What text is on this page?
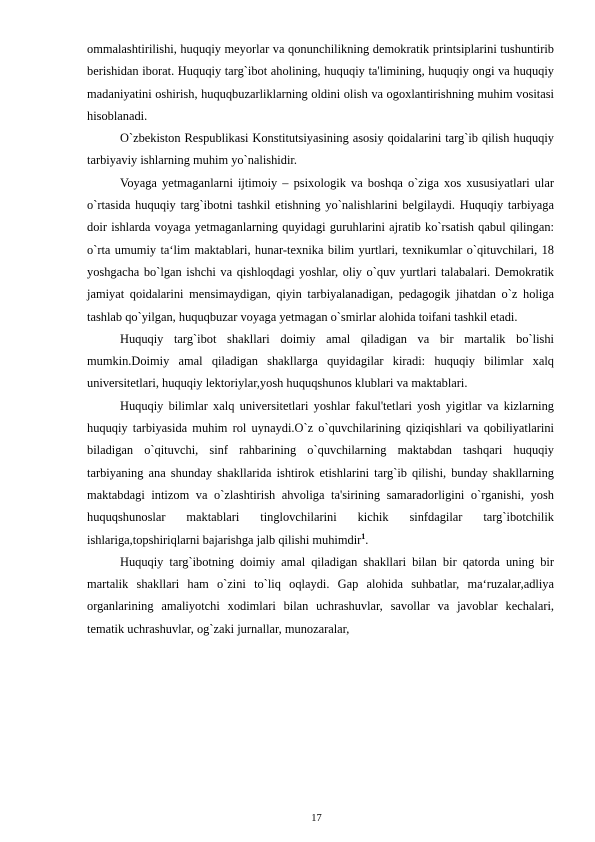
ommalashtirilishi, huquqiy meyorlar va qonunchilikning demokratik printsiplarini tushuntirib berishidan iborat. Huquqiy targ`ibot aholining, huquqiy ta'limining, huquqiy ongi va huquqiy madaniyatini oshirish, huquqbuzarliklarning oldini olish va ogoxlantirishning muhim vositasi hisoblanadi.

O`zbekiston Respublikasi Konstitutsiyasining asosiy qoidalarini targ`ib qilish huquqiy tarbiyaviy ishlarning muhim yo`nalishidir.

Voyaga yetmaganlarni ijtimoiy – psixologik va boshqa o`ziga xos xususiyatlari ular o`rtasida huquqiy targ`ibotni tashkil etishning yo`nalishlarini belgilaydi. Huquqiy tarbiyaga doir ishlarda voyaga yetmaganlarning quyidagi guruhlarini ajratib ko`rsatish qabul qilingan: o`rta umumiy ta‘lim maktablari, hunar-texnika bilim yurtlari, texnikumlar o`qituvchilari, 18 yoshgacha bo`lgan ishchi va qishloqdagi yoshlar, oliy o`quv yurtlari talabalari. Demokratik jamiyat qoidalarini mensimaydigan, qiyin tarbiyalanadigan, pedagogik jihatdan o`z holiga tashlab qo`yilgan, huquqbuzar voyaga yetmagan o`smirlar alohida toifani tashkil etadi.

Huquqiy targ`ibot shakllari doimiy amal qiladigan va bir martalik bo`lishi mumkin.Doimiy amal qiladigan shakllarga quyidagilar kiradi: huquqiy bilimlar xalq universitetlari, huquqiy lektoriylar,yosh huquqshunos klublari va maktablari.

Huquqiy bilimlar xalq universitetlari yoshlar fakul'tetlari yosh yigitlar va kizlarning huquqiy tarbiyasida muhim rol uynaydi.O`z o`quvchilarining qiziqishlari va qobiliyatlarini biladigan o`qituvchi, sinf rahbarining o`quvchilarning maktabdan tashqari huquqiy tarbiyaning ana shunday shakllarida ishtirok etishlarini targ`ib qilishi, bunday shakllarning maktabdagi intizom va o`zlashtirish ahvoliga ta'sirining samaradorligini o`rganishi, yosh huquqshunoslar maktablari tinglovchilarini kichik sinfdagilar targ`ibotchilik ishlariga,topshiriqlarni bajarishga jalb qilishi muhimdir$^1$.

Huquqiy targ`ibotning doimiy amal qiladigan shakllari bilan bir qatorda uning bir martalik shakllari ham o`zini to`liq oqlaydi. Gap alohida suhbatlar, ma‘ruzalar,adliya organlarining amaliyotchi xodimlari bilan uchrashuvlar, savollar va javoblar kechalari, tematik uchrashuvlar, og`zaki jurnallar, munozaralar,

17
